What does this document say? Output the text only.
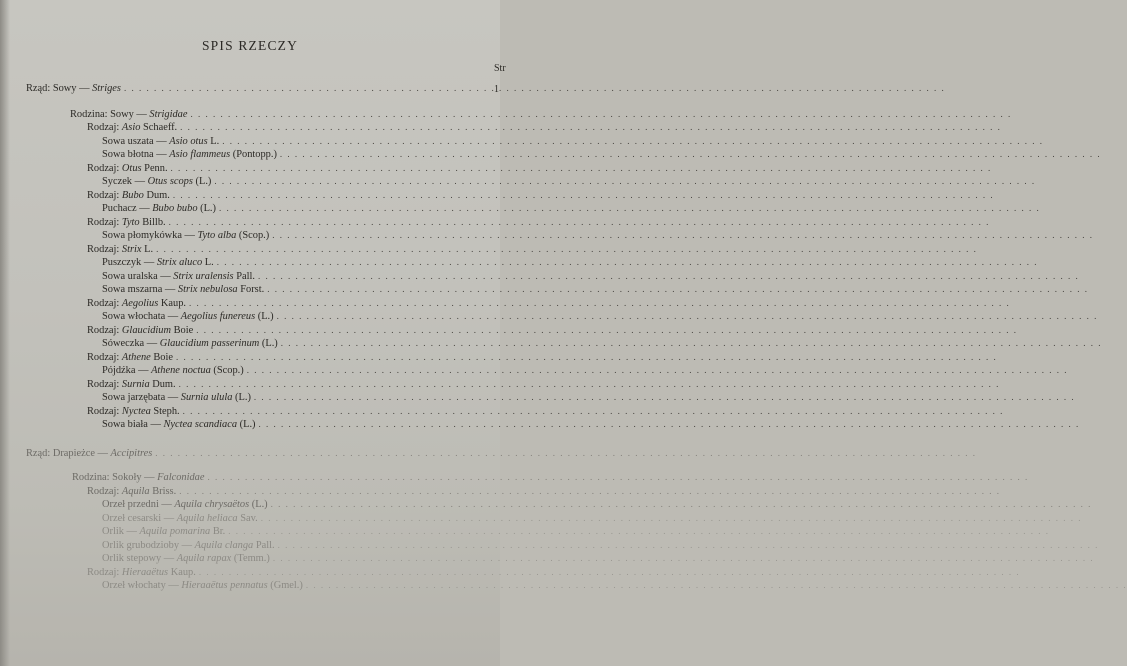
SPIS RZECZY
Str
1
Rząd: Sowy — Striges
. . .
Rodzina: Sowy — Strigidae
. . .
Rodzaj: Asio Schaeff.
. . .
Sowa uszata — Asio otus L.
. . .
Sowa błotna — Asio flammeus (Pontopp.)
. . .
Rodzaj: Otus Penn.
. . .
Syczek — Otus scops (L.)
. . .
Rodzaj: Bubo Dum.
. . .
Puchacz — Bubo bubo (L.)
. . .
Rodzaj: Tyto Billb.
. . .
Sowa płomykówka — Tyto alba (Scop.)
. . .
Rodzaj: Strix L.
. . .
Puszczyk — Strix aluco L.
. . .
Sowa uralska — Strix uralensis Pall.
. . .
Sowa mszarna — Strix nebulosa Forst.
. . .
Rodzaj: Aegolius Kaup.
. . .
Sowa włochata — Aegolius funereus (L.)
. . .
Rodzaj: Glaucidium Boie
. . .
Sóweczka — Glaucidium passerinum (L.)
. . .
Rodzaj: Athene Boie
. . .
Pójdźka — Athene noctua (Scop.)
. . .
Rodzaj: Surnia Dum.
. . .
Sowa jarzębata — Surnia ulula (L.)
. . .
Rodzaj: Nyctea Steph.
. . .
Sowa biała — Nyctea scandiaca (L.)
. . .
Rząd: Drapieżce — Accipitres
. . .
Rodzina: Sokoły — Falconidae
. . .
Rodzaj: Aquila Briss.
. . .
Orzeł przedni — Aquila chrysaëtos (L.)
. . .
Orzeł cesarski — Aquila heliaca Sav.
. . .
Orlik — Aquila pomarina Br.
. . .
Orlik grubodzioby — Aquila clanga Pall.
. . .
Orlik stepowy — Aquila rapax (Temm.)
. . .
Rodzaj: Hieraaëtus Kaup.
. . .
Orzeł włochaty — Hieraaëtus pennatus (Gmel.)
. . .
